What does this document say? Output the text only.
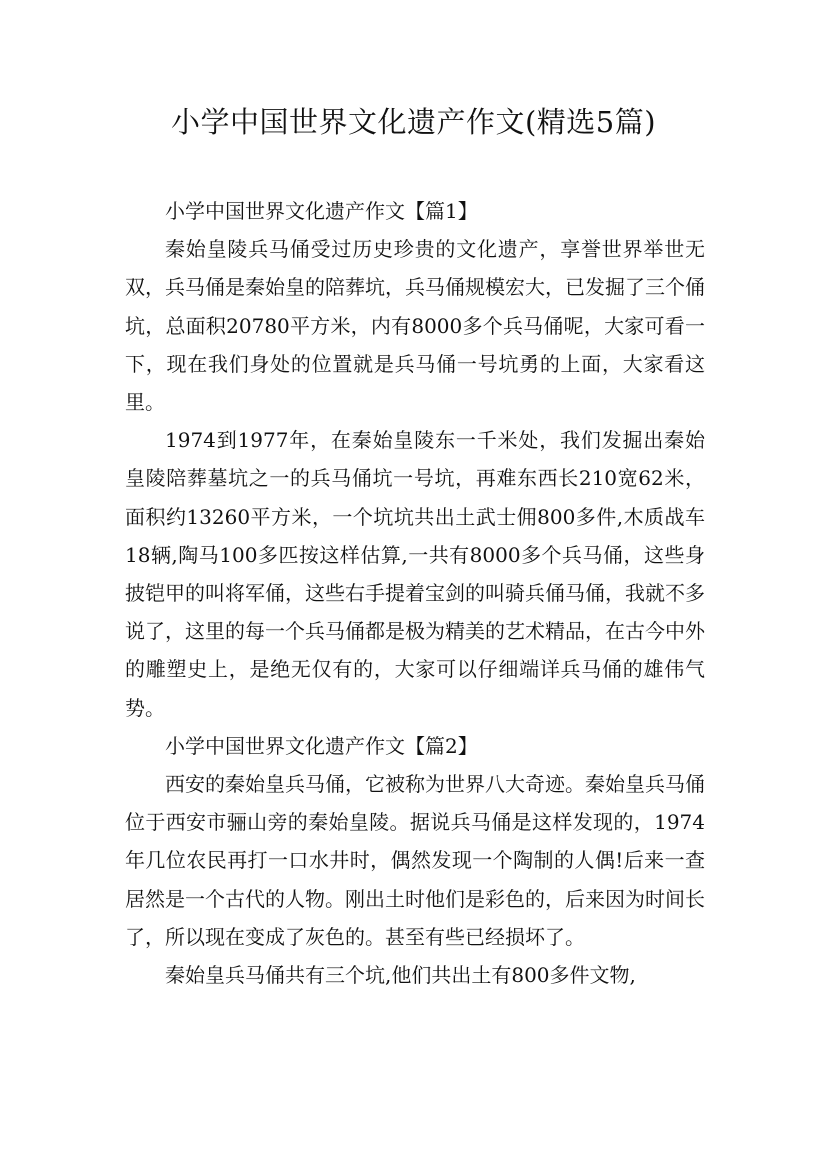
小学中国世界文化遗产作文(精选5篇)

小学中国世界文化遗产作文【篇1】

秦始皇陵兵马俑受过历史珍贵的文化遗产，享誉世界举世无双，兵马俑是秦始皇的陪葬坑，兵马俑规模宏大，已发掘了三个俑坑，总面积20780平方米，内有8000多个兵马俑呢，大家可看一下，现在我们身处的位置就是兵马俑一号坑勇的上面，大家看这里。

1974到1977年，在秦始皇陵东一千米处，我们发掘出秦始皇陵陪葬墓坑之一的兵马俑坑一号坑，再难东西长210宽62米，面积约13260平方米，一个坑坑共出土武士佣800多件,木质战车18辆,陶马100多匹按这样估算,一共有8000多个兵马俑，这些身披铠甲的叫将军俑，这些右手提着宝剑的叫骑兵俑马俑，我就不多说了，这里的每一个兵马俑都是极为精美的艺术精品，在古今中外的雕塑史上，是绝无仅有的，大家可以仔细端详兵马俑的雄伟气势。

小学中国世界文化遗产作文【篇2】

西安的秦始皇兵马俑，它被称为世界八大奇迹。秦始皇兵马俑位于西安市骊山旁的秦始皇陵。据说兵马俑是这样发现的，1974年几位农民再打一口水井时，偶然发现一个陶制的人偶!后来一查居然是一个古代的人物。刚出土时他们是彩色的，后来因为时间长了，所以现在变成了灰色的。甚至有些已经损坏了。

秦始皇兵马俑共有三个坑,他们共出土有800多件文物,
